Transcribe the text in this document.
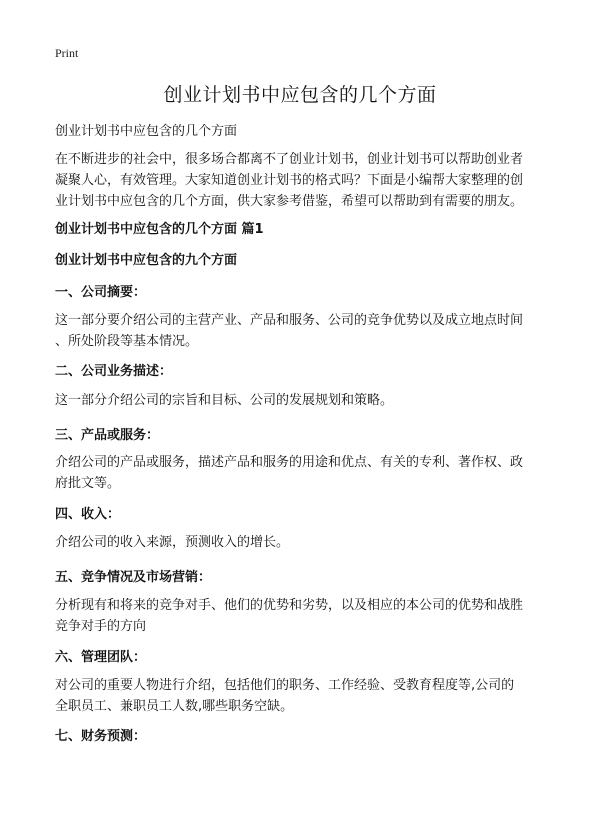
Print
创业计划书中应包含的几个方面
创业计划书中应包含的几个方面
在不断进步的社会中，很多场合都离不了创业计划书，创业计划书可以帮助创业者
凝聚人心，有效管理。大家知道创业计划书的格式吗？下面是小编帮大家整理的创
业计划书中应包含的几个方面，供大家参考借鉴，希望可以帮助到有需要的朋友。
创业计划书中应包含的几个方面 篇1
创业计划书中应包含的九个方面
一、公司摘要：
这一部分要介绍公司的主营产业、产品和服务、公司的竞争优势以及成立地点时间
、所处阶段等基本情况。
二、公司业务描述：
这一部分介绍公司的宗旨和目标、公司的发展规划和策略。
三、产品或服务：
介绍公司的产品或服务，描述产品和服务的用途和优点、有关的专利、著作权、政
府批文等。
四、收入：
介绍公司的收入来源，预测收入的增长。
五、竞争情况及市场营销：
分析现有和将来的竞争对手、他们的优势和劣势，以及相应的本公司的优势和战胜
竞争对手的方向
六、管理团队：
对公司的重要人物进行介绍，包括他们的职务、工作经验、受教育程度等,公司的
全职员工、兼职员工人数,哪些职务空缺。
七、财务预测：
